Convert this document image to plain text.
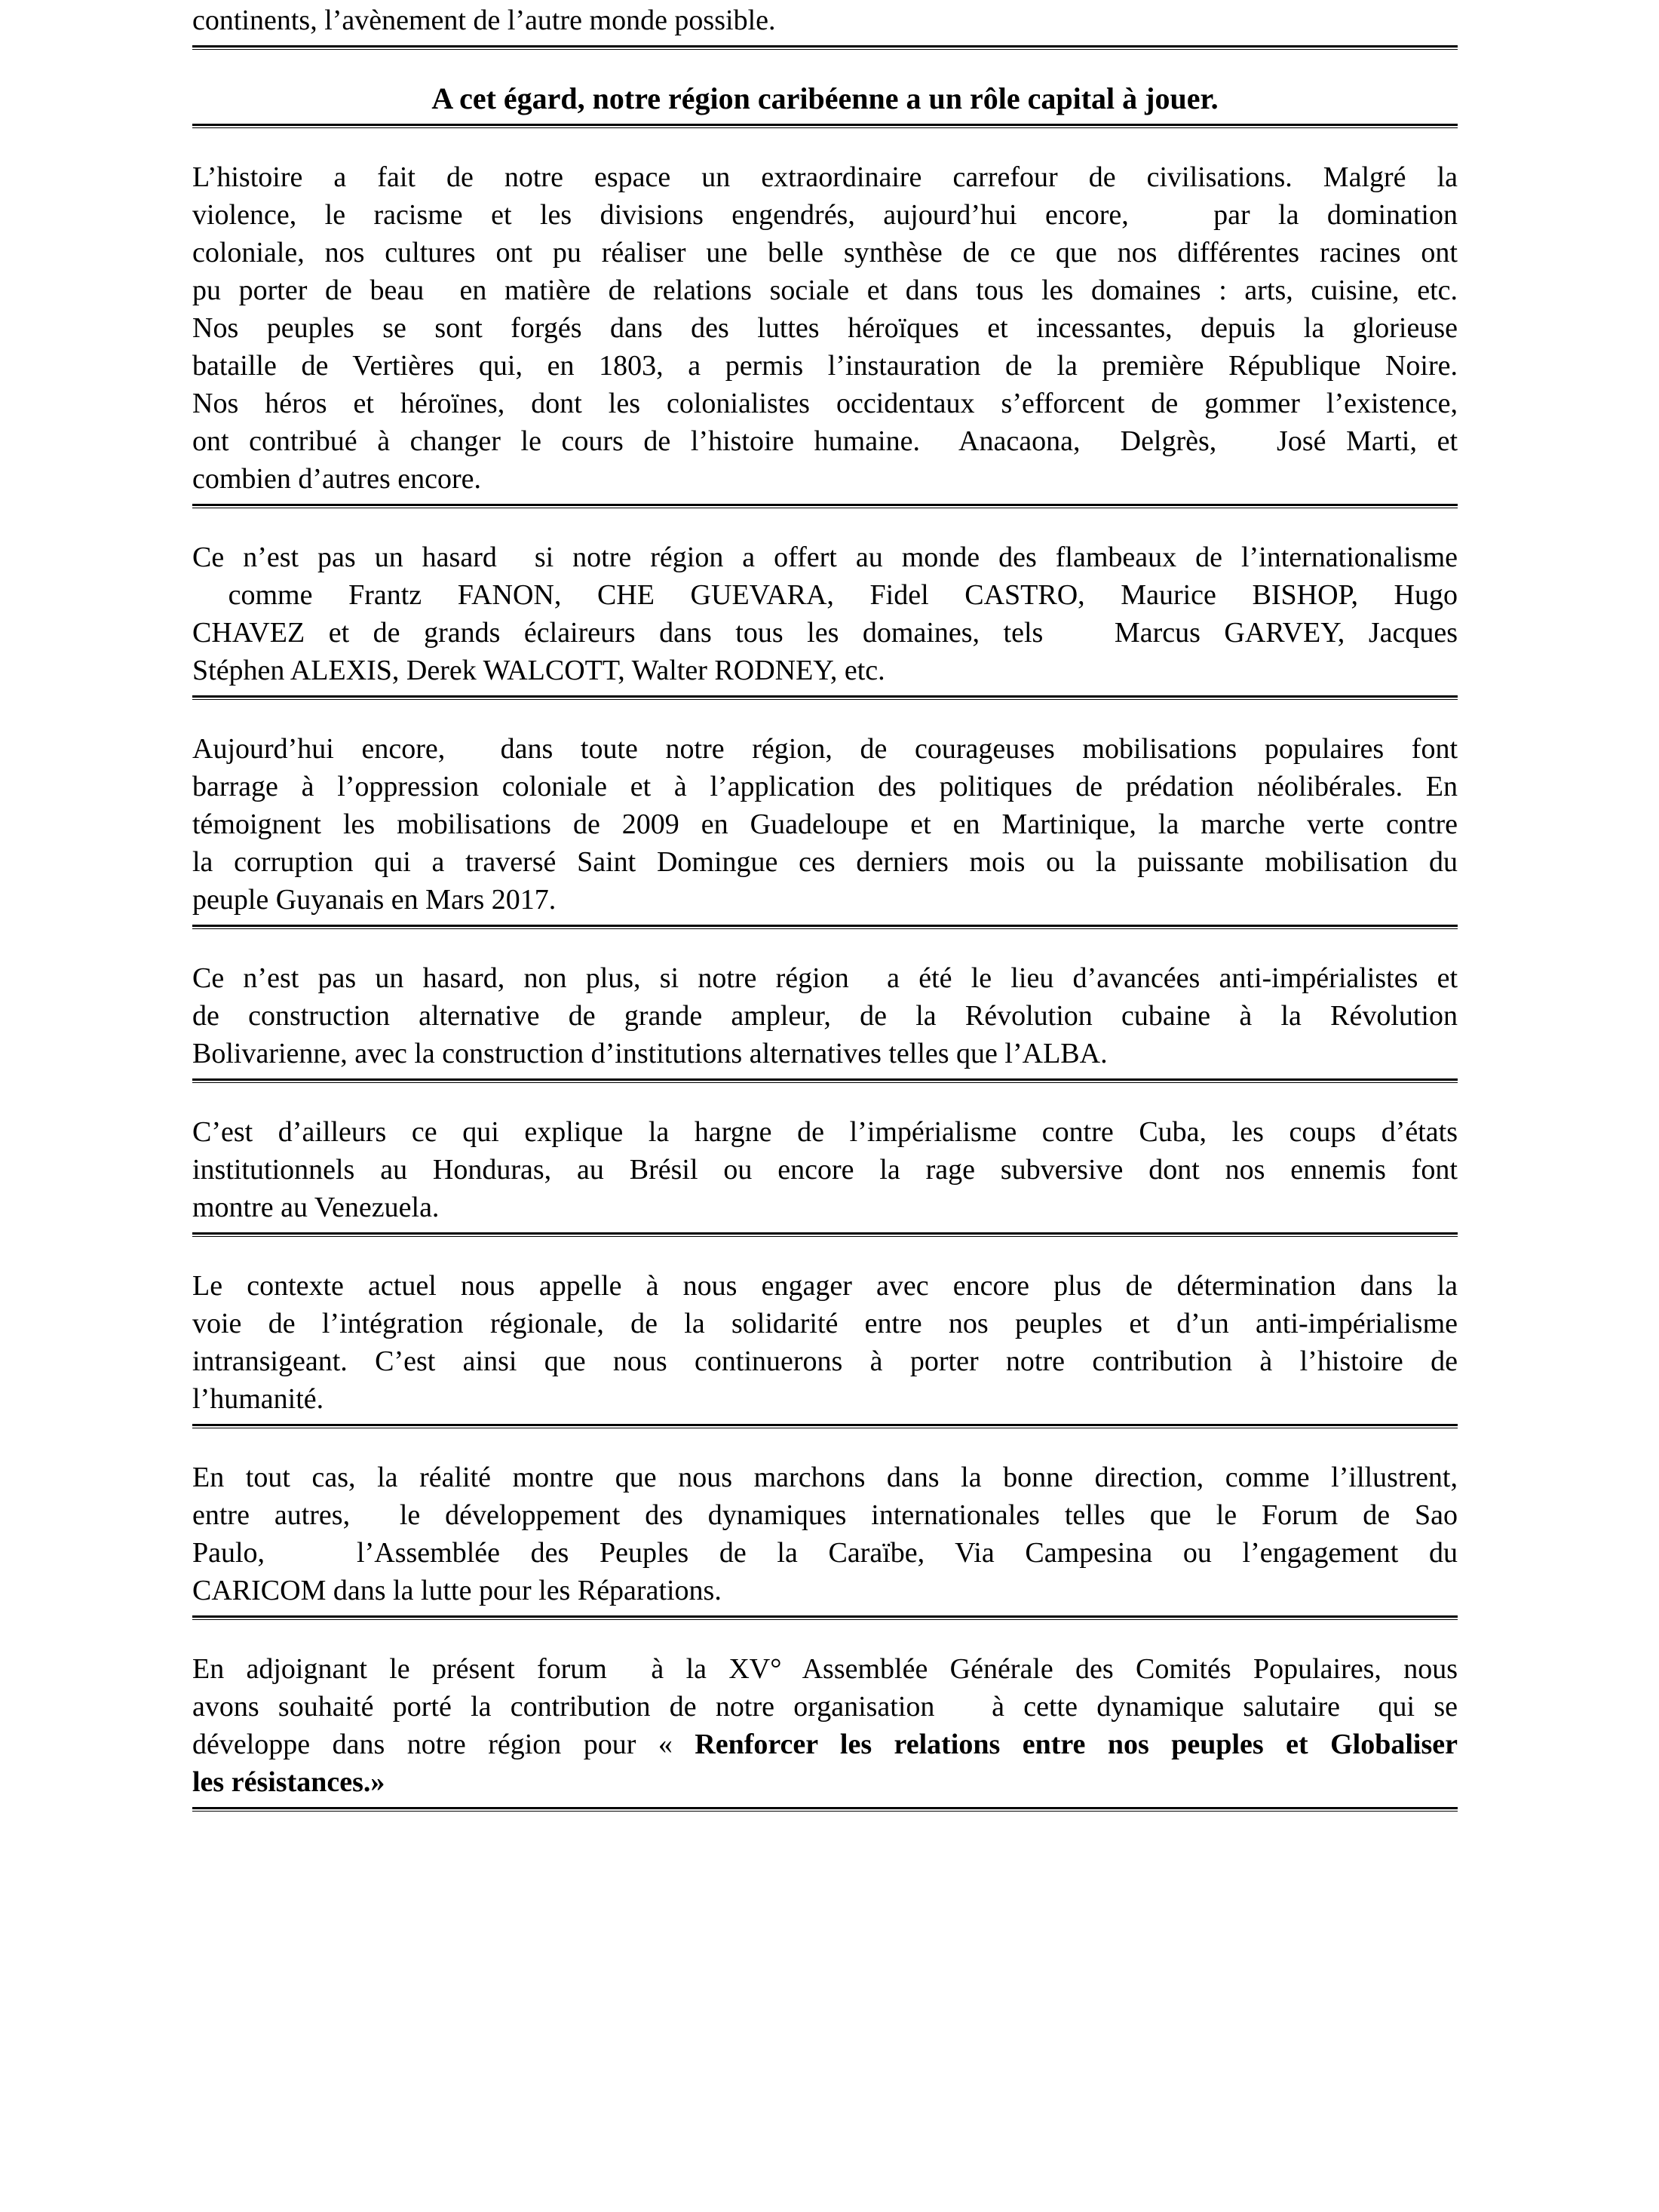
continents, l’avènement de l’autre monde possible.
A cet égard, notre région caribéenne a un rôle capital à jouer.
L’histoire a fait de notre espace un extraordinaire carrefour de civilisations. Malgré la
violence, le racisme et les divisions engendrés, aujourd’hui encore,   par la domination
coloniale, nos cultures ont pu réaliser une belle synthèse de ce que nos différentes racines ont
pu porter de beau  en matière de relations sociale et dans tous les domaines : arts, cuisine, etc.
Nos peuples se sont forgés dans des luttes héroïques et incessantes, depuis la glorieuse
bataille de Vertières qui, en 1803, a permis l’instauration de la première République Noire.
Nos héros et héroïnes, dont les colonialistes occidentaux s’efforcent de gommer l’existence,
ont contribué à changer le cours de l’histoire humaine.  Anacaona,  Delgrès,   José Marti, et
combien d’autres encore.
Ce n’est pas un hasard  si notre région a offert au monde des flambeaux de l’internationalisme
comme Frantz FANON, CHE GUEVARA, Fidel CASTRO, Maurice BISHOP, Hugo
CHAVEZ et de grands éclaireurs dans tous les domaines, tels   Marcus GARVEY, Jacques
Stéphen ALEXIS, Derek WALCOTT, Walter RODNEY, etc.
Aujourd’hui encore,  dans toute notre région, de courageuses mobilisations populaires font
barrage à l’oppression coloniale et à l’application des politiques de prédation néolibérales. En
témoignent les mobilisations de 2009 en Guadeloupe et en Martinique, la marche verte contre
la corruption qui a traversé Saint Domingue ces derniers mois ou la puissante mobilisation du
peuple Guyanais en Mars 2017.
Ce n’est pas un hasard, non plus, si notre région  a été le lieu d’avancées anti-impérialistes et
de construction alternative de grande ampleur, de la Révolution cubaine à la Révolution
Bolivarienne, avec la construction d’institutions alternatives telles que l’ALBA.
C’est d’ailleurs ce qui explique la hargne de l’impérialisme contre Cuba, les coups d’états
institutionnels au Honduras, au Brésil ou encore la rage subversive dont nos ennemis font
montre au Venezuela.
Le contexte actuel nous appelle à nous engager avec encore plus de détermination dans la
voie de l’intégration régionale, de la solidarité entre nos peuples et d’un anti-impérialisme
intransigeant. C’est ainsi que nous continuerons à porter notre contribution à l’histoire de
l’humanité.
En tout cas, la réalité montre que nous marchons dans la bonne direction, comme l’illustrent,
entre autres,  le développement des dynamiques internationales telles que le Forum de Sao
Paulo,   l’Assemblée des Peuples de la Caraïbe, Via Campesina ou l’engagement du
CARICOM dans la lutte pour les Réparations.
En adjoignant le présent forum  à la XV° Assemblée Générale des Comités Populaires, nous
avons souhaité porté la contribution de notre organisation   à cette dynamique salutaire  qui se
développe dans notre région pour « Renforcer les relations entre nos peuples et Globaliser
les résistances.»
